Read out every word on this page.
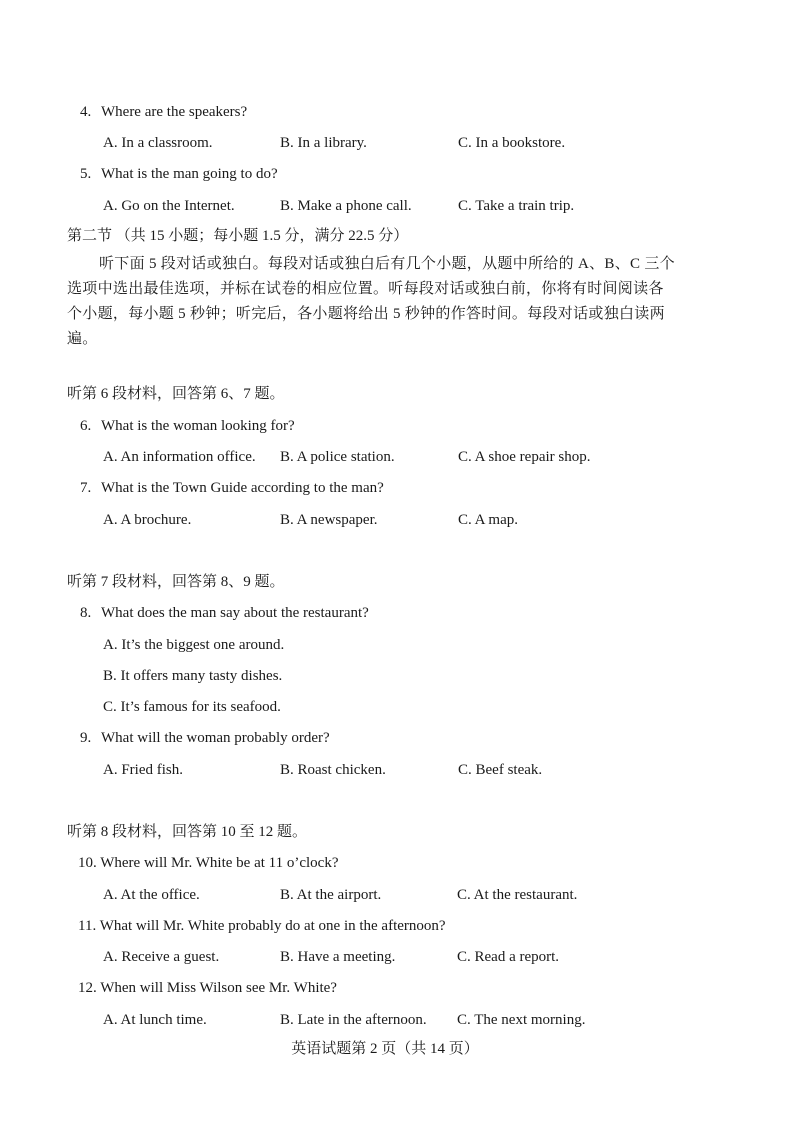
4. Where are the speakers?
A. In a classroom.	B. In a library.	C. In a bookstore.
5. What is the man going to do?
A. Go on the Internet.	B. Make a phone call.	C. Take a train trip.
第二节 （共 15 小题；每小题 1.5 分，满分 22.5 分）
听下面 5 段对话或独白。每段对话或独白后有几个小题，从题中所给的 A、B、C 三个选项中选出最佳选项，并标在试卷的相应位置。听每段对话或独白前，你将有时间阅读各个小题，每小题 5 秒钟；听完后，各小题将给出 5 秒钟的作答时间。每段对话或独白读两遍。
听第 6 段材料，回答第 6、7 题。
6. What is the woman looking for?
A. An information office. B. A police station.	C. A shoe repair shop.
7. What is the Town Guide according to the man?
A. A brochure.	B. A newspaper.	C. A map.
听第 7 段材料，回答第 8、9 题。
8. What does the man say about the restaurant?
A. It’s the biggest one around.
B. It offers many tasty dishes.
C. It’s famous for its seafood.
9. What will the woman probably order?
A. Fried fish.	B. Roast chicken.	C. Beef steak.
听第 8 段材料，回答第 10 至 12 题。
10. Where will Mr. White be at 11 o’clock?
A. At the office.	B. At the airport.	C. At the restaurant.
11. What will Mr. White probably do at one in the afternoon?
A. Receive a guest.	B. Have a meeting.	C. Read a report.
12. When will Miss Wilson see Mr. White?
A. At lunch time.	B. Late in the afternoon. C. The next morning.
英语试题第 2 页（共 14 页）
